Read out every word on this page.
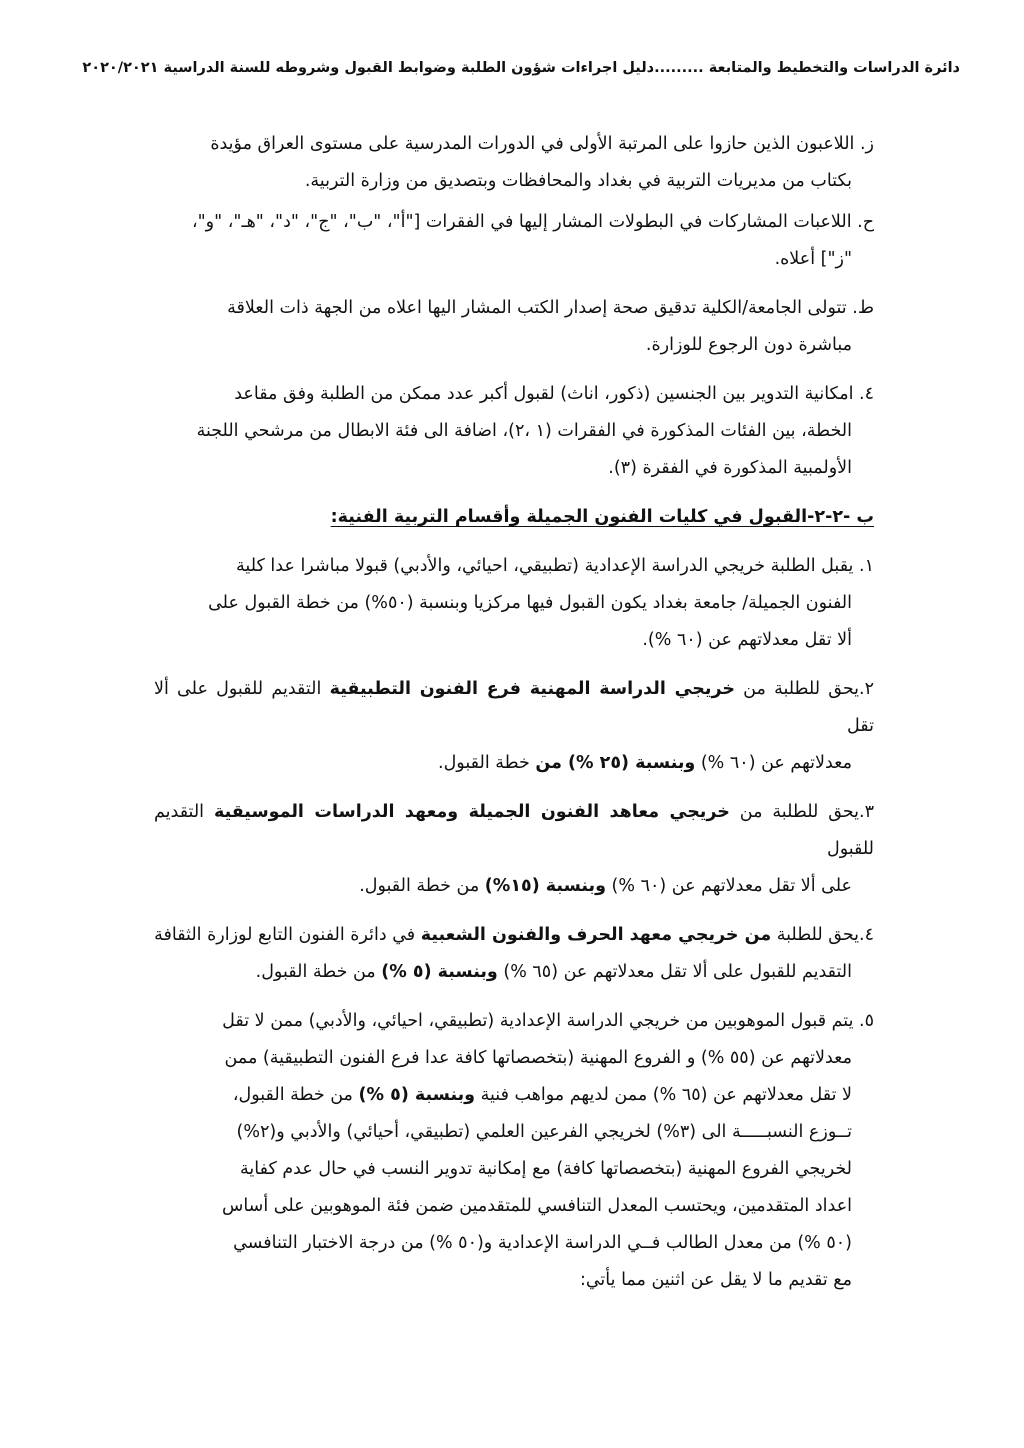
دائرة الدراسات والتخطيط والمتابعة .........دليل اجراءات شؤون الطلبة وضوابط القبول وشروطه للسنة الدراسية ٢٠٢٠/٢٠٢١
ز. اللاعبون الذين حازوا على المرتبة الأولى في الدورات المدرسية على مستوى العراق مؤيدة
بكتاب من مديريات التربية في بغداد والمحافظات وبتصديق من وزارة التربية.
ح. اللاعبات المشاركات في البطولات المشار إليها في الفقرات ["أ"، "ب"، "ج"، "د"، "هـ"، "و"،
"ز"] أعلاه.
ط. تتولى الجامعة/الكلية تدقيق صحة إصدار الكتب المشار اليها اعلاه من الجهة ذات العلاقة
مباشرة دون الرجوع للوزارة.
٤. امكانية التدوير بين الجنسين (ذكور، اناث) لقبول أكبر عدد ممكن من الطلبة وفق مقاعد
الخطة، بين الفئات المذكورة في الفقرات (١ ،٢)، اضافة الى فئة الابطال من مرشحي اللجنة
الأولمبية المذكورة في الفقرة (٣).
ب -٢-٢-القبول في كليات الفنون الجميلة وأقسام التربية الفنية:
١. يقبل الطلبة خريجي الدراسة الإعدادية (تطبيقي، احيائي، والأدبي) قبولا مباشرا عدا كلية
الفنون الجميلة/ جامعة بغداد يكون القبول فيها مركزيا وبنسبة (٥٠%) من خطة القبول على
ألا تقل معدلاتهم عن (٦٠ %).
٢.يحق للطلبة من خريجي الدراسة المهنية فرع الفنون التطبيقية التقديم للقبول على ألا تقل
معدلاتهم عن (٦٠ %) وبنسبة (٢٥ %) من خطة القبول.
٣.يحق للطلبة من خريجي معاهد الفنون الجميلة ومعهد الدراسات الموسيقية التقديم للقبول
على ألا تقل معدلاتهم عن (٦٠ %) وبنسبة (١٥%) من خطة القبول.
٤.يحق للطلبة من خريجي معهد الحرف والفنون الشعبية في دائرة الفنون التابع لوزارة الثقافة
التقديم للقبول على ألا تقل معدلاتهم عن (٦٥ %) وبنسبة (٥ %) من خطة القبول.
٥. يتم قبول الموهوبين من خريجي الدراسة الإعدادية (تطبيقي، احيائي، والأدبي) ممن لا تقل
معدلاتهم عن (٥٥ %) و الفروع المهنية (بتخصصاتها كافة عدا فرع الفنون التطبيقية) ممن
لا تقل معدلاتهم عن (٦٥ %) ممن لديهم مواهب فنية وبنسبة (٥ %) من خطة القبول،
تــوزع النسبـــــة الى (٣%) لخريجي الفرعين العلمي (تطبيقي، أحيائي) والأدبي و(٢%)
لخريجي الفروع المهنية (بتخصصاتها كافة) مع إمكانية تدوير النسب في حال عدم كفاية
اعداد المتقدمين، ويحتسب المعدل التنافسي للمتقدمين ضمن فئة الموهوبين على أساس
(٥٠ %) من معدل الطالب فــي الدراسة الإعدادية و(٥٠ %) من درجة الاختبار التنافسي
مع تقديم ما لا يقل عن اثنين مما يأتي:
